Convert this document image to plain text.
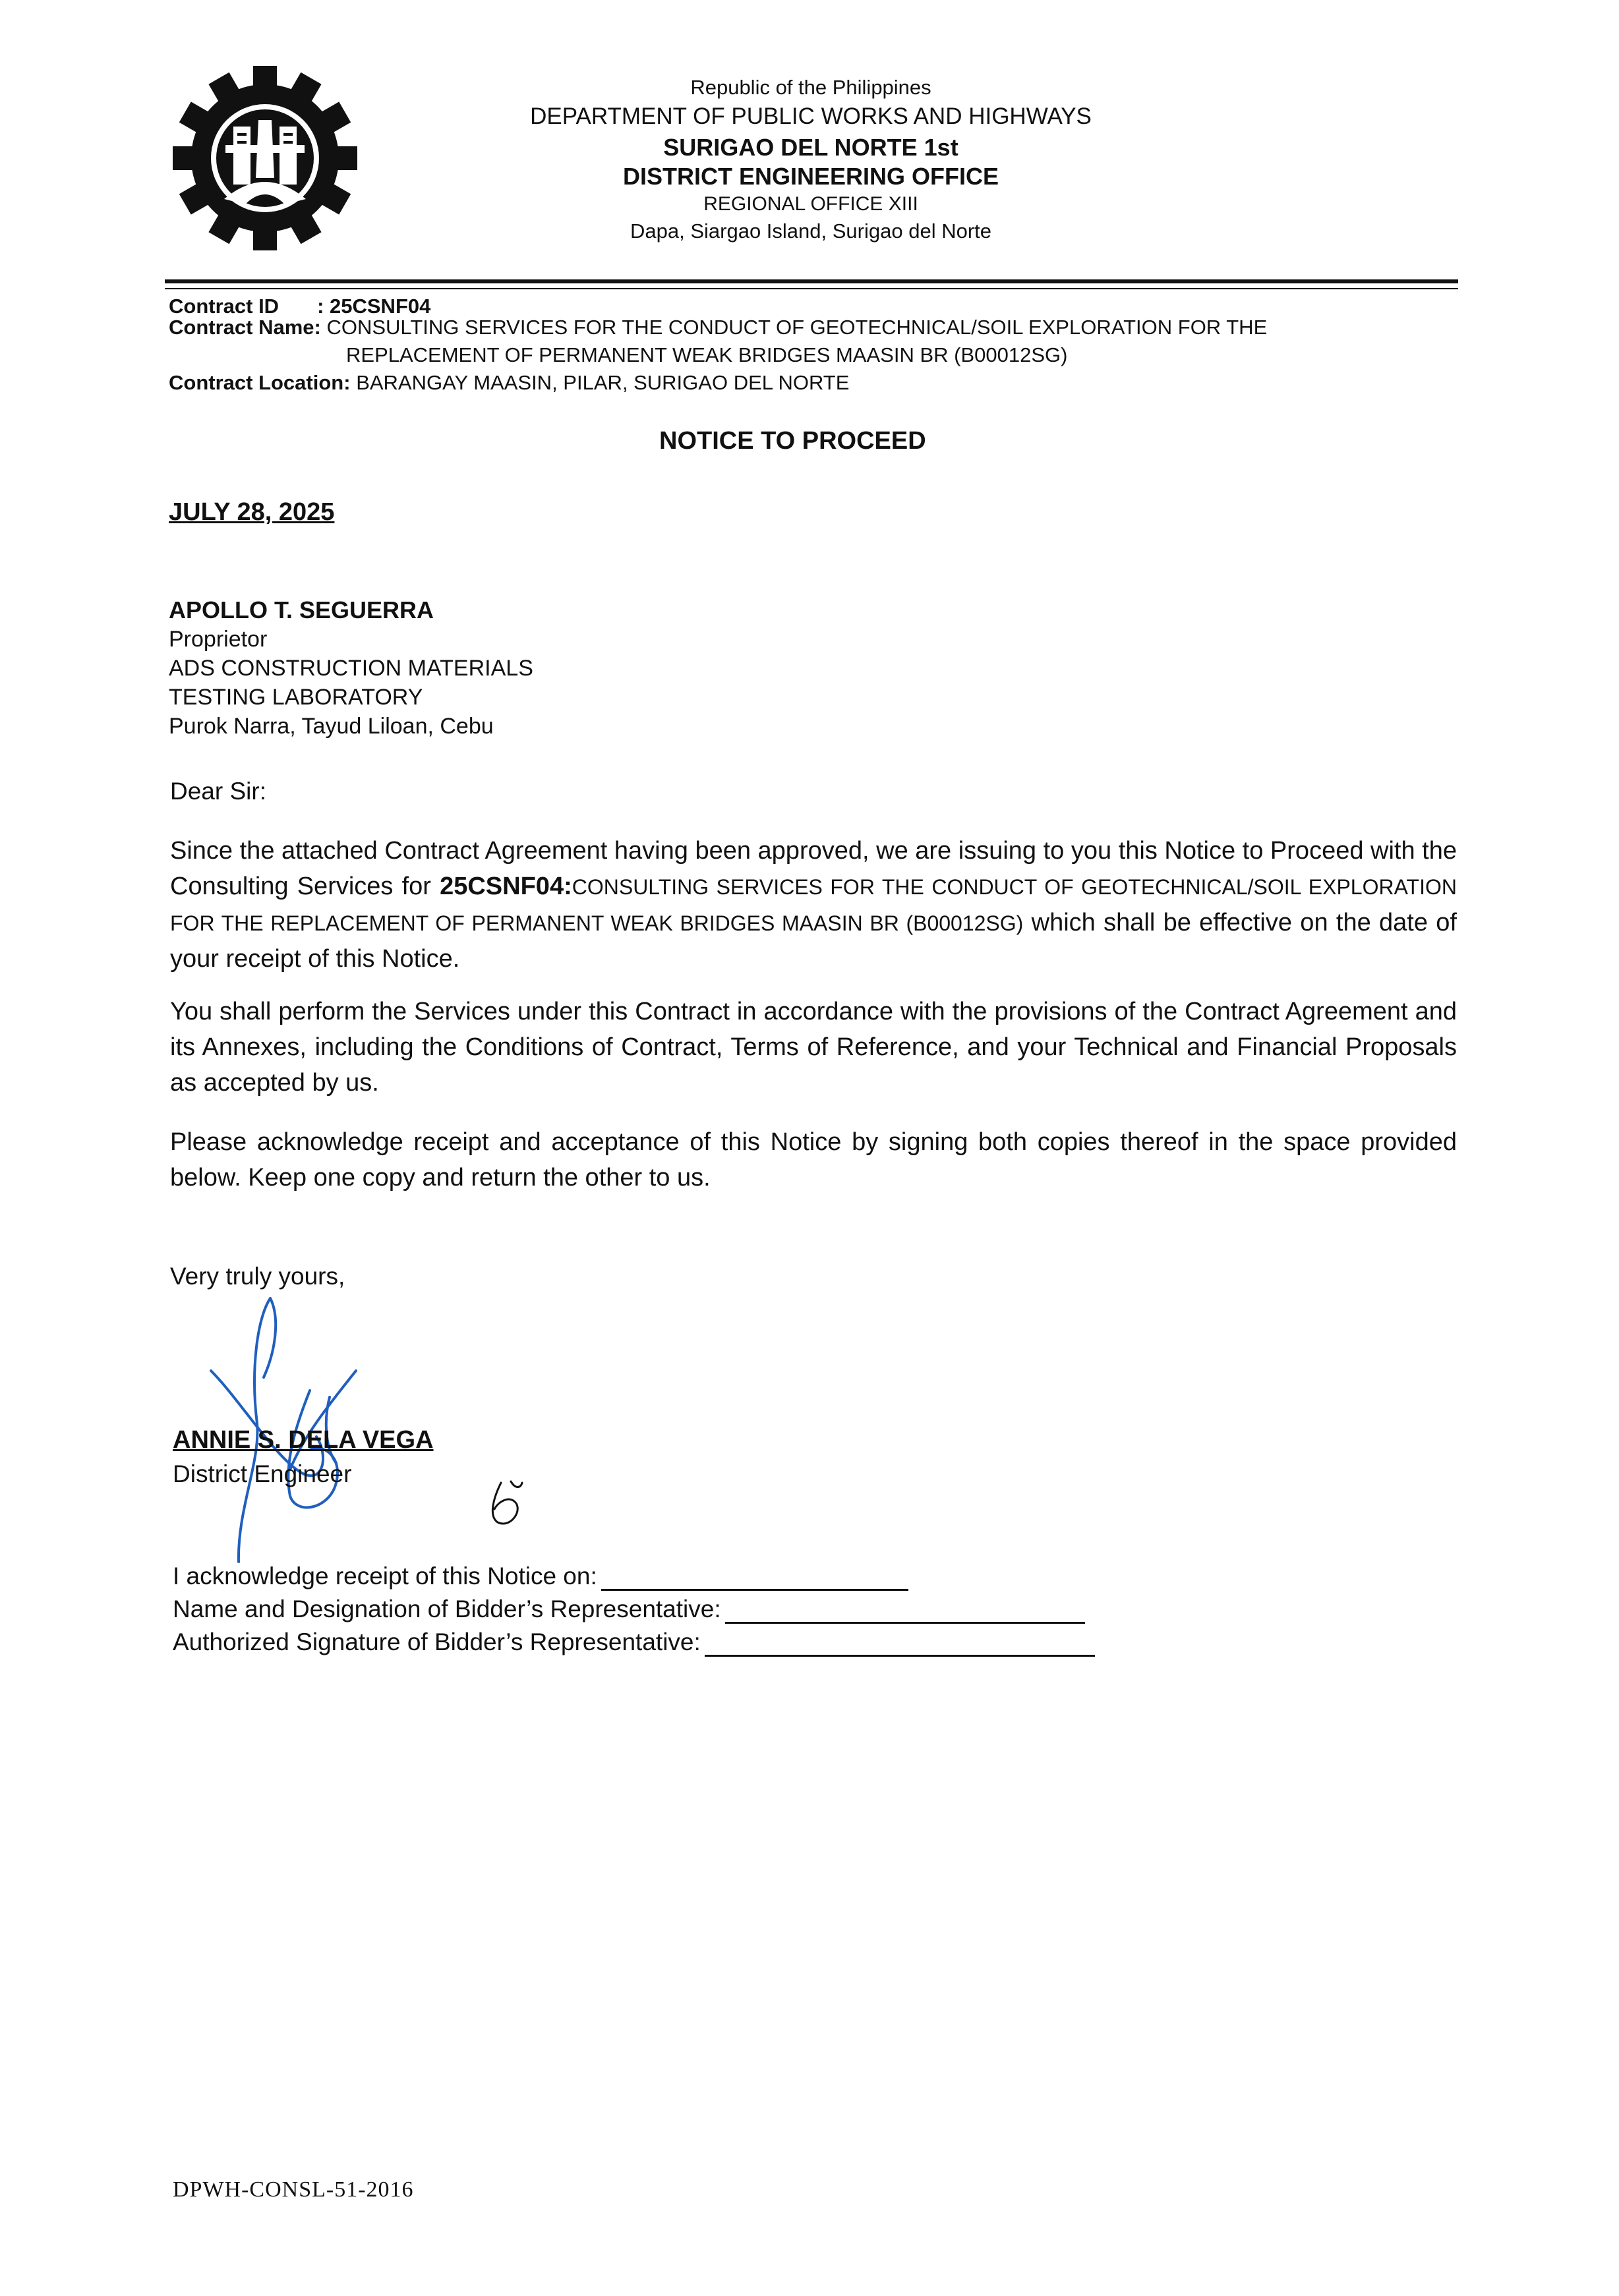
Republic of the Philippines
DEPARTMENT OF PUBLIC WORKS AND HIGHWAYS
SURIGAO DEL NORTE 1st
DISTRICT ENGINEERING OFFICE
REGIONAL OFFICE XIII
Dapa, Siargao Island, Surigao del Norte
Contract ID : 25CSNF04
Contract Name: CONSULTING SERVICES FOR THE CONDUCT OF GEOTECHNICAL/SOIL EXPLORATION FOR THE
REPLACEMENT OF PERMANENT WEAK BRIDGES MAASIN BR (B00012SG)
Contract Location: BARANGAY MAASIN, PILAR, SURIGAO DEL NORTE
NOTICE TO PROCEED
JULY 28, 2025
APOLLO T. SEGUERRA
Proprietor
ADS CONSTRUCTION MATERIALS
TESTING LABORATORY
Purok Narra, Tayud Liloan, Cebu
Dear Sir:
Since the attached Contract Agreement having been approved, we are issuing to you this Notice to Proceed with the Consulting Services for 25CSNF04:CONSULTING SERVICES FOR THE CONDUCT OF GEOTECHNICAL/SOIL EXPLORATION FOR THE REPLACEMENT OF PERMANENT WEAK BRIDGES MAASIN BR (B00012SG) which shall be effective on the date of your receipt of this Notice.
You shall perform the Services under this Contract in accordance with the provisions of the Contract Agreement and its Annexes, including the Conditions of Contract, Terms of Reference, and your Technical and Financial Proposals as accepted by us.
Please acknowledge receipt and acceptance of this Notice by signing both copies thereof in the space provided below. Keep one copy and return the other to us.
Very truly yours,
ANNIE S. DELA VEGA
District Engineer
I acknowledge receipt of this Notice on:
Name and Designation of Bidder’s Representative:
Authorized Signature of Bidder’s Representative:
DPWH-CONSL-51-2016
